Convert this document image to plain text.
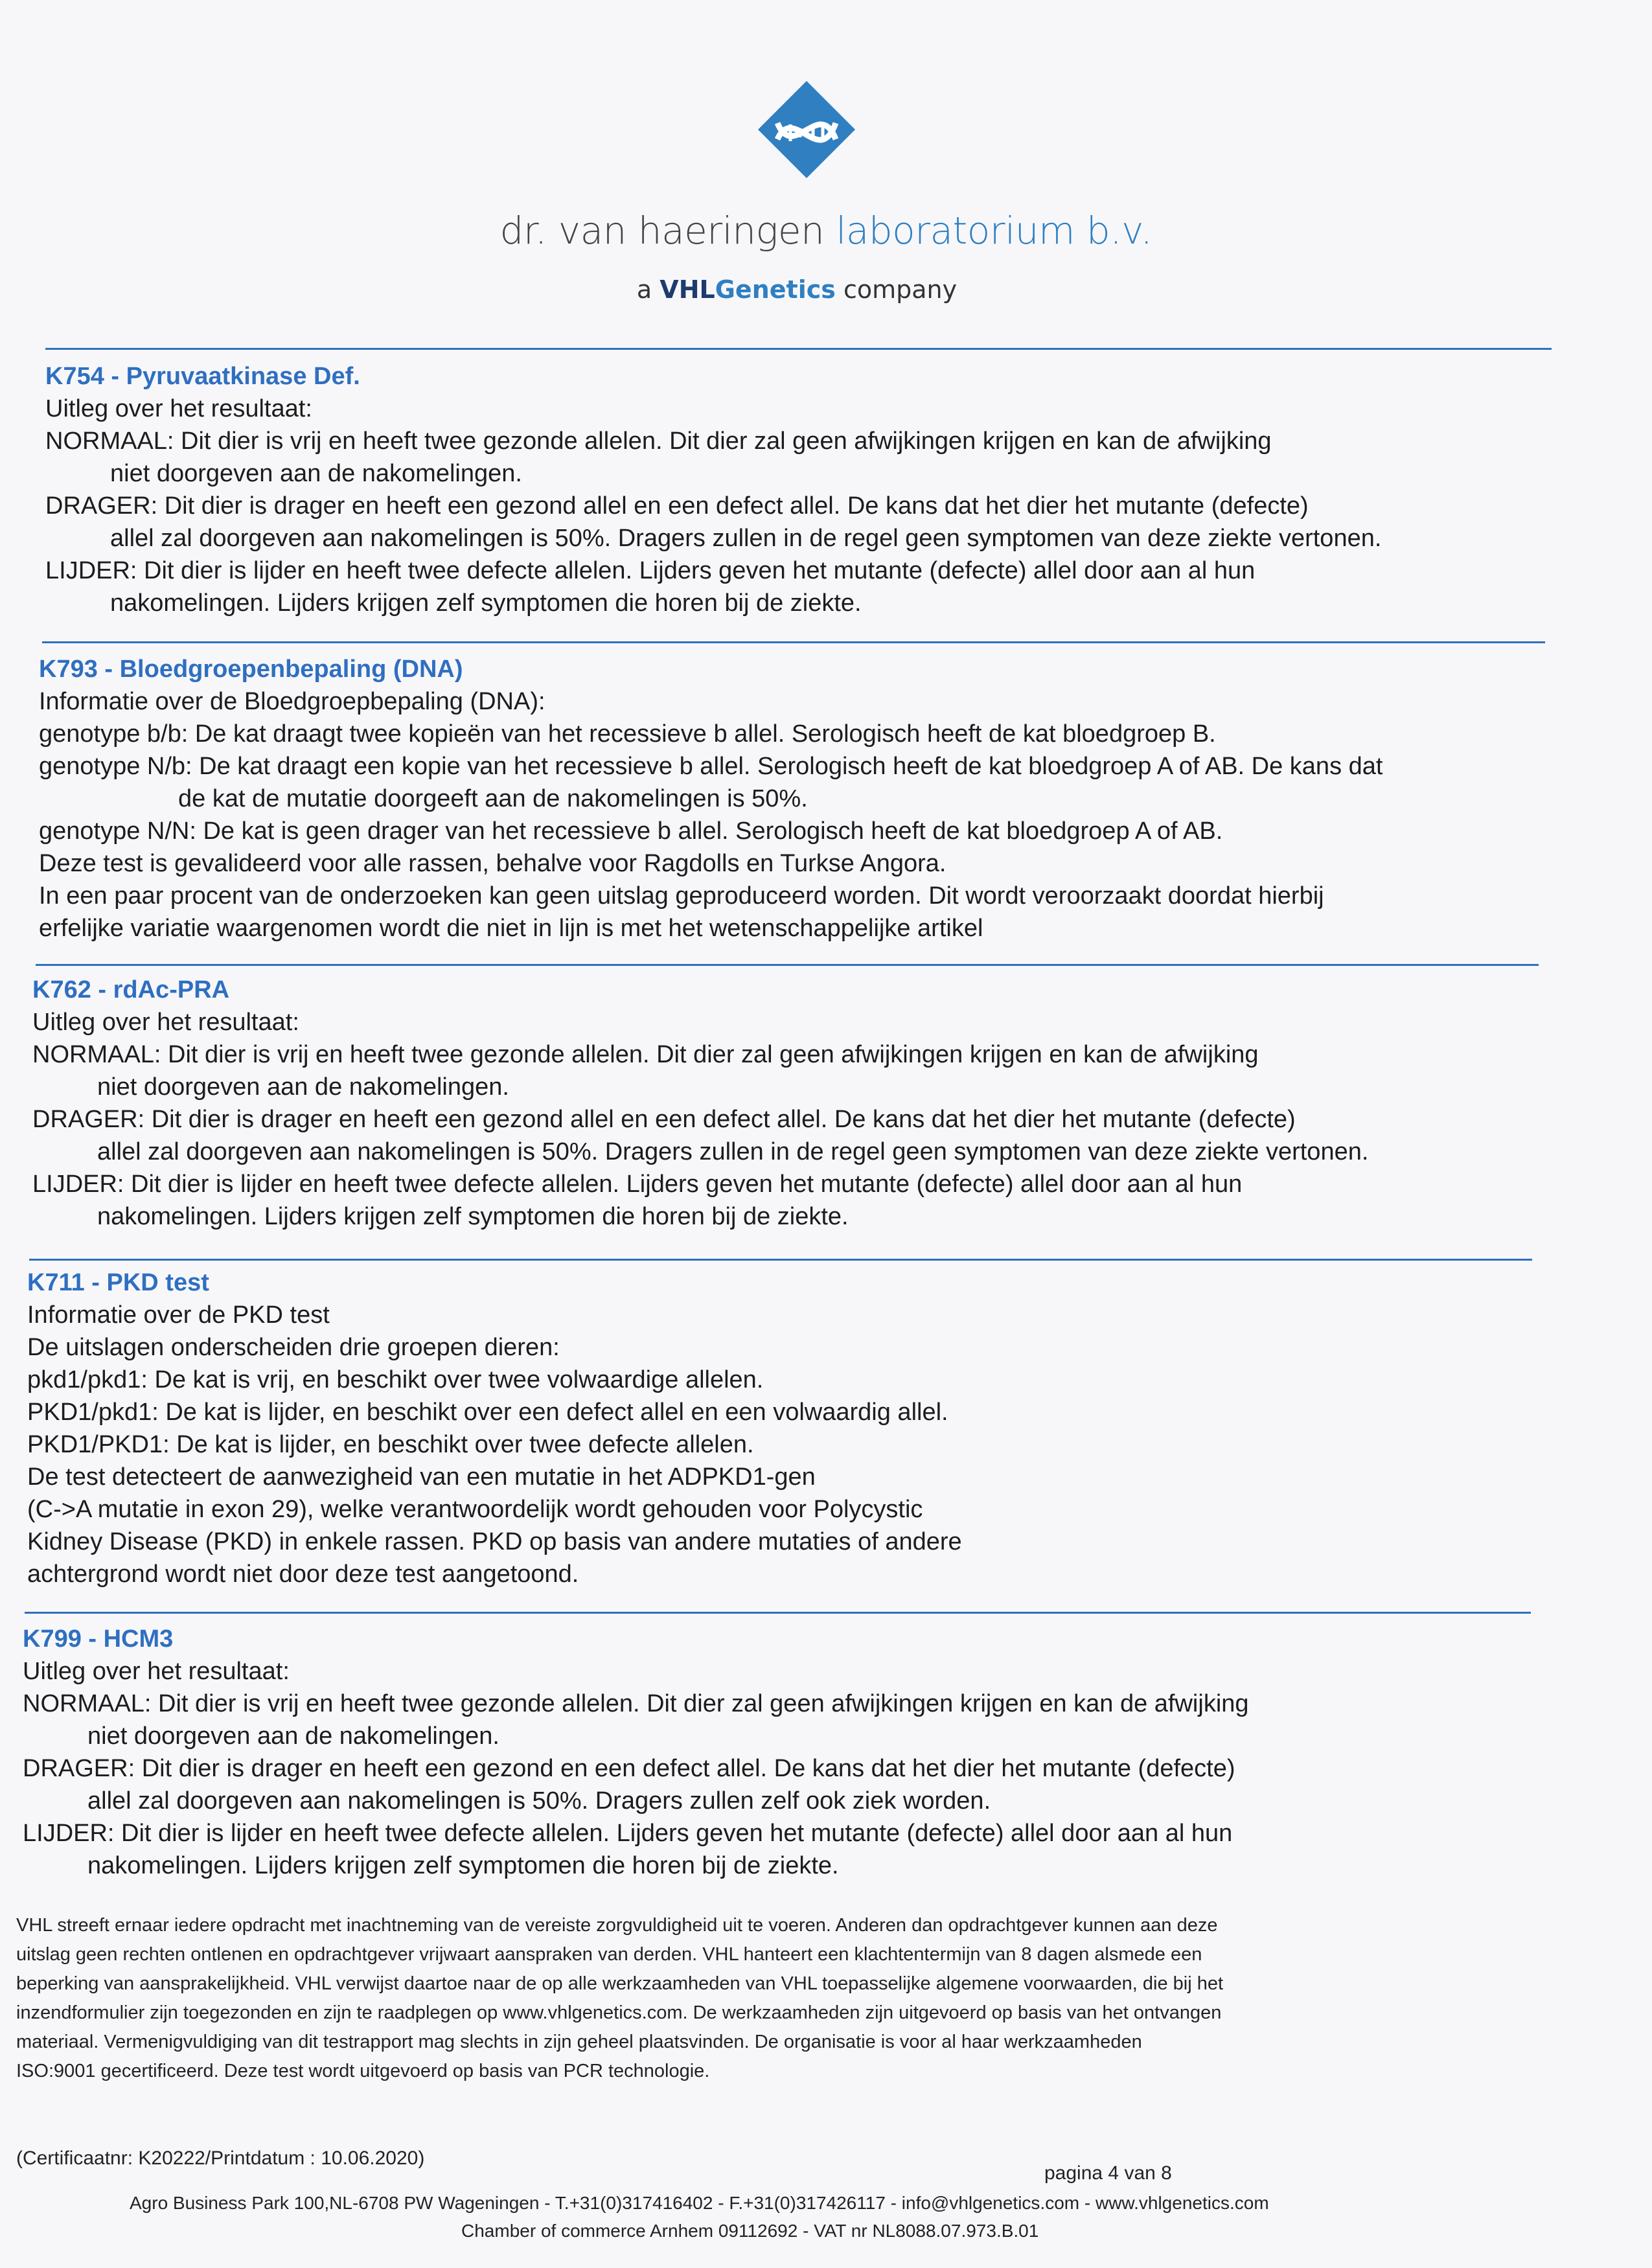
dr. van haeringen laboratorium b.v.
a VHLGenetics company
K754 - Pyruvaatkinase Def.
Uitleg over het resultaat:
NORMAAL: Dit dier is vrij en heeft twee gezonde allelen. Dit dier zal geen afwijkingen krijgen en kan de afwijking
niet doorgeven aan de nakomelingen.
DRAGER: Dit dier is drager en heeft een gezond allel en een defect allel. De kans dat het dier het mutante (defecte)
allel zal doorgeven aan nakomelingen is 50%. Dragers zullen in de regel geen symptomen van deze ziekte vertonen.
LIJDER: Dit dier is lijder en heeft twee defecte allelen. Lijders geven het mutante (defecte) allel door aan al hun
nakomelingen. Lijders krijgen zelf symptomen die horen bij de ziekte.
K793 - Bloedgroepenbepaling (DNA)
Informatie over de Bloedgroepbepaling (DNA):
genotype b/b: De kat draagt twee kopieën van het recessieve b allel. Serologisch heeft de kat bloedgroep B.
genotype N/b: De kat draagt een kopie van het recessieve b allel. Serologisch heeft de kat bloedgroep A of AB. De kans dat
de kat de mutatie doorgeeft aan de nakomelingen is 50%.
genotype N/N: De kat is geen drager van het recessieve b allel. Serologisch heeft de kat bloedgroep A of AB.
Deze test is gevalideerd voor alle rassen, behalve voor Ragdolls en Turkse Angora.
In een paar procent van de onderzoeken kan geen uitslag geproduceerd worden. Dit wordt veroorzaakt doordat hierbij
erfelijke variatie waargenomen wordt die niet in lijn is met het wetenschappelijke artikel
K762 - rdAc-PRA
Uitleg over het resultaat:
NORMAAL: Dit dier is vrij en heeft twee gezonde allelen. Dit dier zal geen afwijkingen krijgen en kan de afwijking
niet doorgeven aan de nakomelingen.
DRAGER: Dit dier is drager en heeft een gezond allel en een defect allel. De kans dat het dier het mutante (defecte)
allel zal doorgeven aan nakomelingen is 50%. Dragers zullen in de regel geen symptomen van deze ziekte vertonen.
LIJDER: Dit dier is lijder en heeft twee defecte allelen. Lijders geven het mutante (defecte) allel door aan al hun
nakomelingen. Lijders krijgen zelf symptomen die horen bij de ziekte.
K711 - PKD test
Informatie over de PKD test
De uitslagen onderscheiden drie groepen dieren:
pkd1/pkd1: De kat is vrij, en beschikt over twee volwaardige allelen.
PKD1/pkd1: De kat is lijder, en beschikt over een defect allel en een volwaardig allel.
PKD1/PKD1: De kat is lijder, en beschikt over twee defecte allelen.
De test detecteert de aanwezigheid van een mutatie in het ADPKD1-gen
(C->A mutatie in exon 29), welke verantwoordelijk wordt gehouden voor Polycystic
Kidney Disease (PKD) in enkele rassen. PKD op basis van andere mutaties of andere
achtergrond wordt niet door deze test aangetoond.
K799 - HCM3
Uitleg over het resultaat:
NORMAAL: Dit dier is vrij en heeft twee gezonde allelen. Dit dier zal geen afwijkingen krijgen en kan de afwijking
niet doorgeven aan de nakomelingen.
DRAGER: Dit dier is drager en heeft een gezond en een defect allel. De kans dat het dier het mutante (defecte)
allel zal doorgeven aan nakomelingen is 50%. Dragers zullen zelf ook ziek worden.
LIJDER: Dit dier is lijder en heeft twee defecte allelen. Lijders geven het mutante (defecte) allel door aan al hun
nakomelingen. Lijders krijgen zelf symptomen die horen bij de ziekte.
VHL streeft ernaar iedere opdracht met inachtneming van de vereiste zorgvuldigheid uit te voeren. Anderen dan opdrachtgever kunnen aan deze
uitslag geen rechten ontlenen en opdrachtgever vrijwaart aanspraken van derden. VHL hanteert een klachtentermijn van 8 dagen alsmede een
beperking van aansprakelijkheid. VHL verwijst daartoe naar de op alle werkzaamheden van VHL toepasselijke algemene voorwaarden, die bij het
inzendformulier zijn toegezonden en zijn te raadplegen op www.vhlgenetics.com. De werkzaamheden zijn uitgevoerd op basis van het ontvangen
materiaal. Vermenigvuldiging van dit testrapport mag slechts in zijn geheel plaatsvinden. De organisatie is voor al haar werkzaamheden
ISO:9001 gecertificeerd. Deze test wordt uitgevoerd op basis van PCR technologie.
(Certificaatnr: K20222/Printdatum : 10.06.2020)
pagina 4 van 8
Agro Business Park 100,NL-6708 PW Wageningen - T.+31(0)317416402 - F.+31(0)317426117 - info@vhlgenetics.com - www.vhlgenetics.com
Chamber of commerce Arnhem 09112692 - VAT nr NL8088.07.973.B.01
